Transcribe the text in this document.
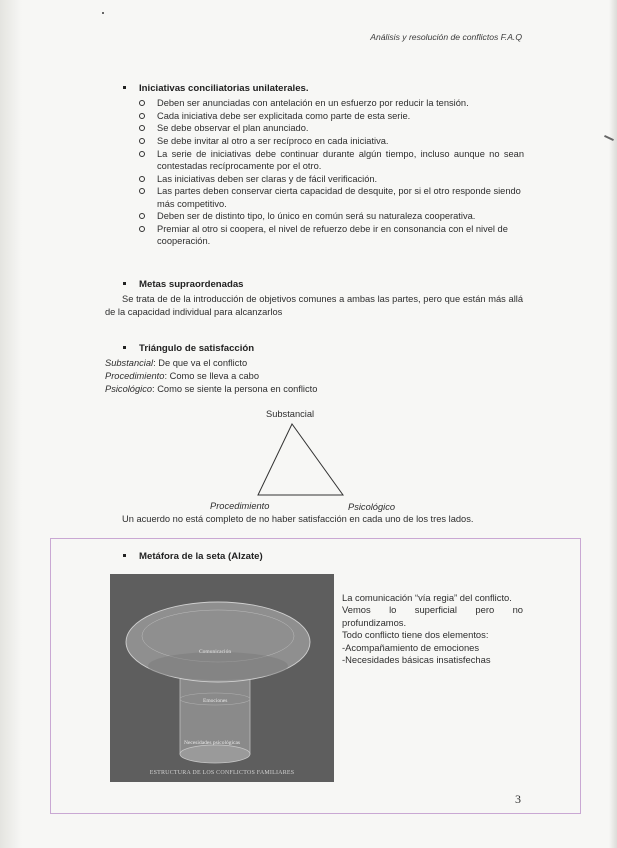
Análisis y resolución de conflictos F.A.Q
Iniciativas conciliatorias unilaterales.
Deben ser anunciadas con antelación en un esfuerzo por reducir la tensión.
Cada iniciativa debe ser explicitada como parte de esta serie.
Se debe observar el plan anunciado.
Se debe invitar al otro a ser recíproco en cada iniciativa.
La serie de iniciativas debe continuar durante algún tiempo, incluso aunque no sean contestadas recíprocamente por el otro.
Las iniciativas deben ser claras y de fácil verificación.
Las partes deben conservar cierta capacidad de desquite, por si el otro responde siendo más competitivo.
Deben ser de distinto tipo, lo único en común será su naturaleza cooperativa.
Premiar al otro si coopera, el nivel de refuerzo debe ir en consonancia con el nivel de cooperación.
Metas supraordenadas
Se trata de de la introducción de objetivos comunes a ambas las partes, pero que están más allá de la capacidad individual para alcanzarlos
Triángulo de satisfacción
Substancial: De que va el conflicto
Procedimiento: Como se lleva a cabo
Psicológico: Como se siente la persona en conflicto
Substancial
Procedimiento	Psicológico
Un acuerdo no está completo de no haber satisfacción en cada uno de los tres lados.
Metáfora de la seta (Alzate)
Comunicación
Emociones
Necesidades psicológicas
ESTRUCTURA DE LOS CONFLICTOS FAMILIARES
La comunicación “vía regia” del conflicto.
Vemos lo superficial pero no profundizamos.
Todo conflicto tiene dos elementos:
-Acompañamiento de emociones
-Necesidades básicas insatisfechas
3
